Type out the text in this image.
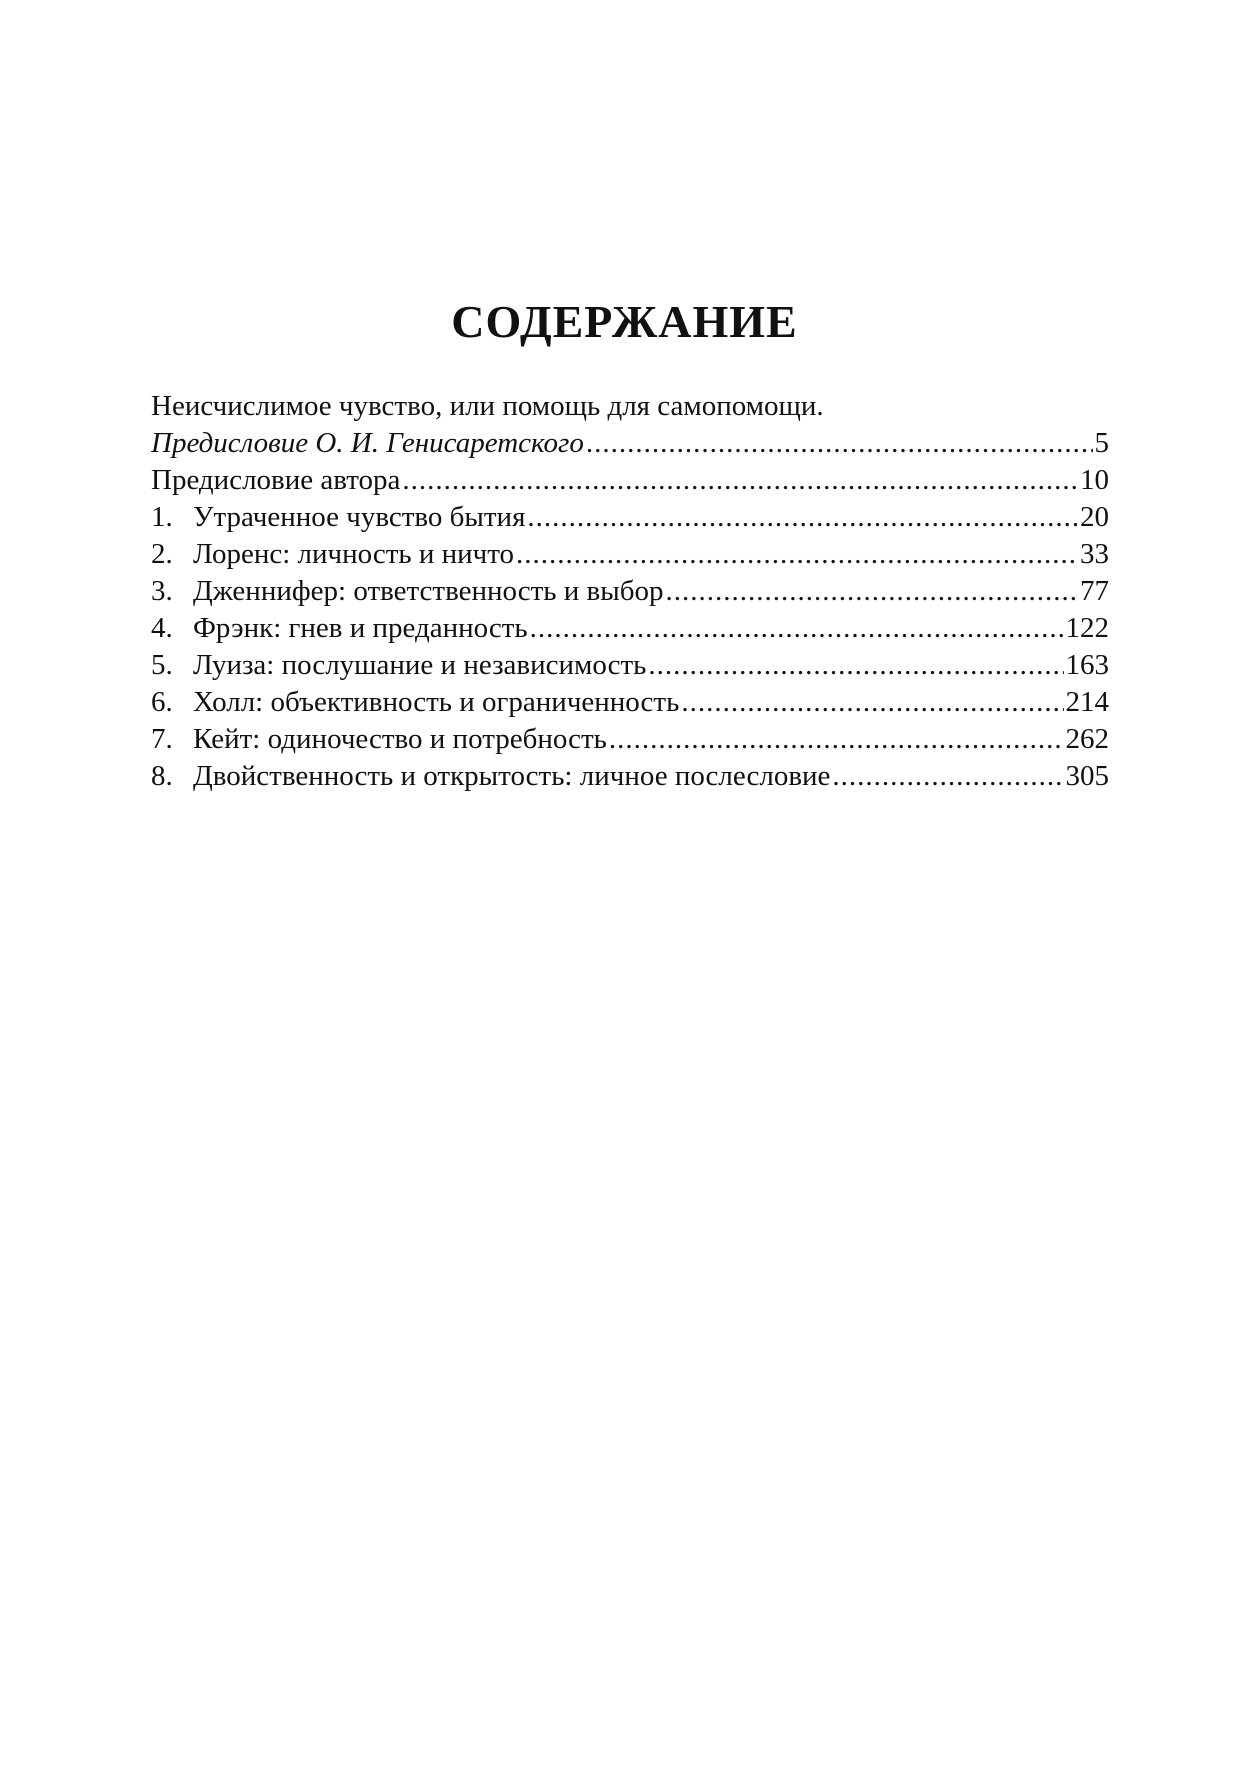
СОДЕРЖАНИЕ
Неисчислимое чувство, или помощь для самопомощи.
Предисловие О. И. Генисаретского .....	5
Предисловие автора .....	10
1. Утраченное чувство бытия .....	20
2. Лоренс: личность и ничто .....	33
3. Дженнифер: ответственность и выбор .....	77
4. Фрэнк: гнев и преданность .....	122
5. Луиза: послушание и независимость .....	163
6. Холл: объективность и ограниченность .....	214
7. Кейт: одиночество и потребность .....	262
8. Двойственность и открытость: личное послесловие .....	305
